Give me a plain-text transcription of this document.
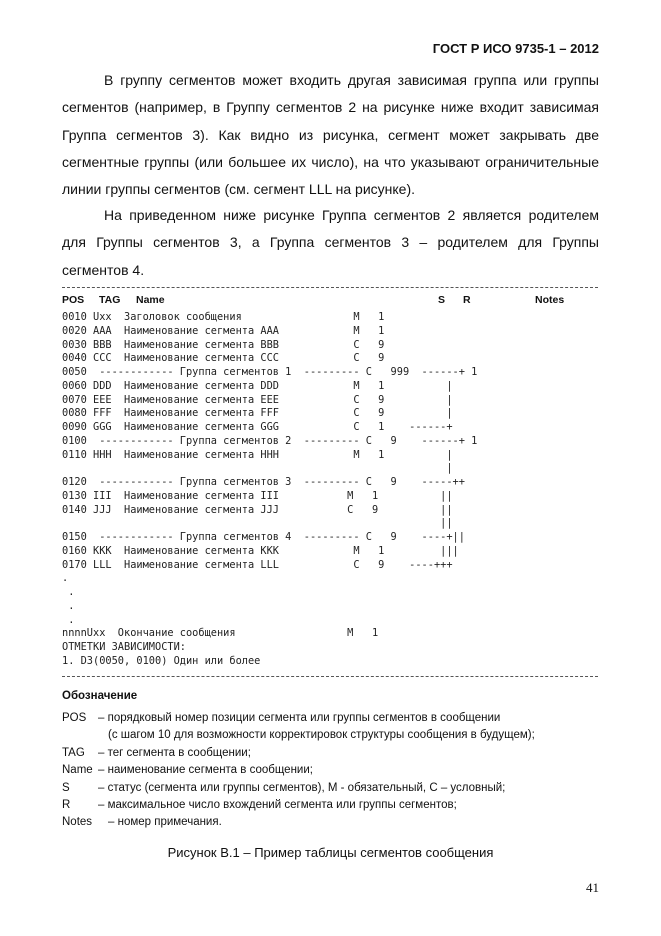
ГОСТ Р ИСО 9735-1 – 2012

В группу сегментов может входить другая зависимая группа или группы сегментов (например, в Группу сегментов 2 на рисунке ниже входит зависимая Группа сегментов 3). Как видно из рисунка, сегмент может закрывать две сегментные группы (или большее их число), на что указывают ограничительные линии группы сегментов (см. сегмент LLL на рисунке).

На приведенном ниже рисунке Группа сегментов 2 является родителем для Группы сегментов 3, а Группа сегментов 3 – родителем для Группы сегментов 4.

POS TAG Name	S R	Notes
0010 Uxx  Заголовок сообщения                  M   1
0020 AAA  Наименование сегмента AAA            M   1
0030 BBB  Наименование сегмента BBB            C   9
0040 CCC  Наименование сегмента CCC            C   9
0050  ------------ Группа сегментов 1  --------- C   999  ------+ 1
0060 DDD  Наименование сегмента DDD            M   1          |
0070 EEE  Наименование сегмента EEE            C   9          |
0080 FFF  Наименование сегмента FFF            C   9          |
0090 GGG  Наименование сегмента GGG            C   1    ------+
0100  ------------ Группа сегментов 2  --------- C   9    ------+ 1
0110 HHH  Наименование сегмента HHH            M   1          |
|
0120  ------------ Группа сегментов 3  --------- C   9    -----++
0130 III  Наименование сегмента III           M   1          ||
0140 JJJ  Наименование сегмента JJJ           C   9          ||
||
0150  ------------ Группа сегментов 4  --------- C   9    ----+||
0160 KKK  Наименование сегмента KKK            M   1         |||
0170 LLL  Наименование сегмента LLL            C   9    ----+++
.
.
.
.
nnnnUxx  Окончание сообщения                  M   1
ОТМЕТКИ ЗАВИСИМОСТИ:
1. D3(0050, 0100) Один или более
Обозначение
POS	– порядковый номер позиции сегмента или группы сегментов в сообщении
(с шагом 10 для возможности корректировок структуры сообщения в будущем);
TAG	– тег сегмента в сообщении;
Name – наименование сегмента в сообщении;
S	– статус (сегмента или группы сегментов), M - обязательный, C – условный;
R	– максимальное число вхождений сегмента или группы сегментов;
Notes	– номер примечания.
Рисунок В.1 – Пример таблицы сегментов сообщения
41
